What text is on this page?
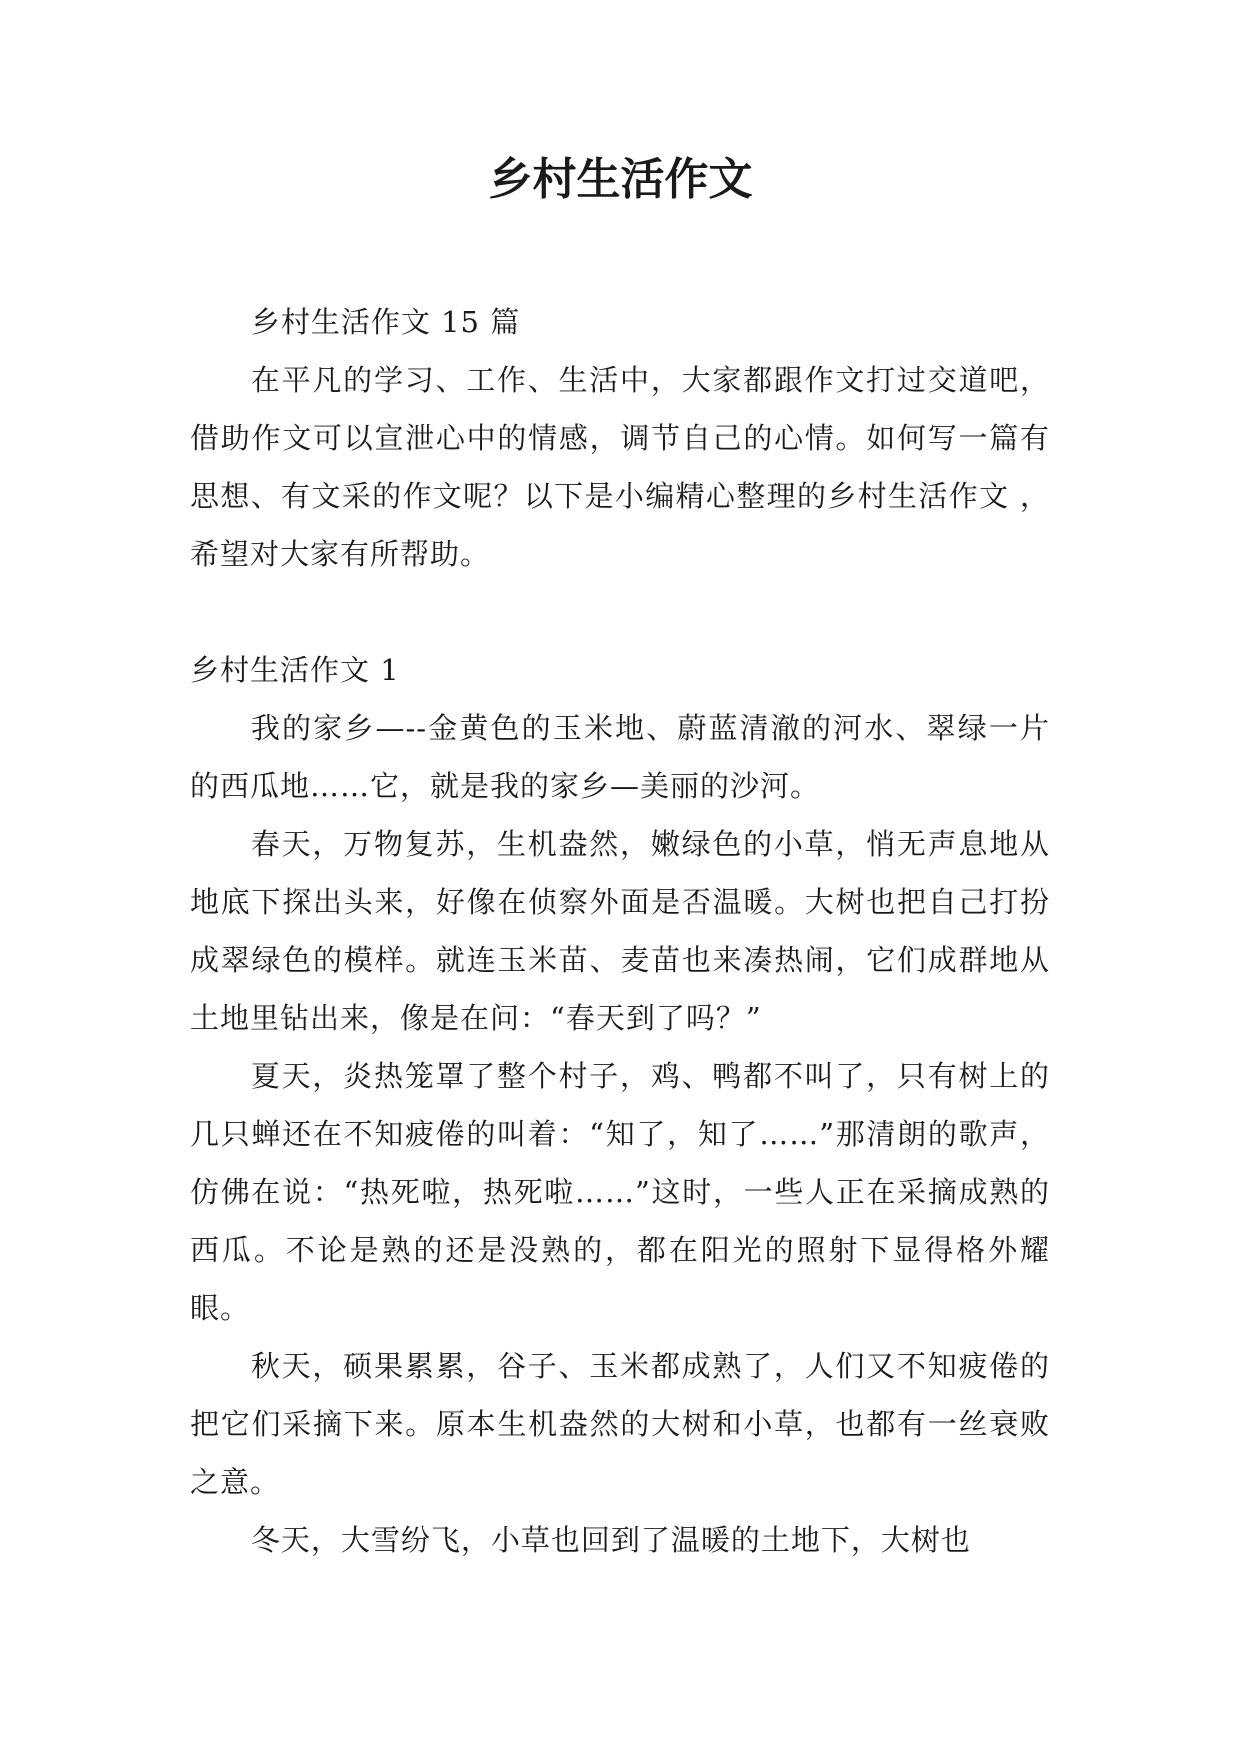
乡村生活作文

乡村生活作文 15 篇

在平凡的学习、工作、生活中，大家都跟作文打过交道吧，借助作文可以宣泄心中的情感，调节自己的心情。如何写一篇有思想、有文采的作文呢？以下是小编精心整理的乡村生活作文 ，希望对大家有所帮助。

乡村生活作文 1

我的家乡—--金黄色的玉米地、蔚蓝清澈的河水、翠绿一片的西瓜地……它，就是我的家乡—美丽的沙河。

春天，万物复苏，生机盎然，嫩绿色的小草，悄无声息地从地底下探出头来，好像在侦察外面是否温暖。大树也把自己打扮成翠绿色的模样。就连玉米苗、麦苗也来凑热闹，它们成群地从土地里钻出来，像是在问：“春天到了吗？”

夏天，炎热笼罩了整个村子，鸡、鸭都不叫了，只有树上的几只蝉还在不知疲倦的叫着：“知了，知了……”那清朗的歌声，仿佛在说：“热死啦，热死啦……”这时，一些人正在采摘成熟的西瓜。不论是熟的还是没熟的，都在阳光的照射下显得格外耀眼。

秋天，硕果累累，谷子、玉米都成熟了，人们又不知疲倦的把它们采摘下来。原本生机盎然的大树和小草，也都有一丝衰败之意。

冬天，大雪纷飞，小草也回到了温暖的土地下，大树也
